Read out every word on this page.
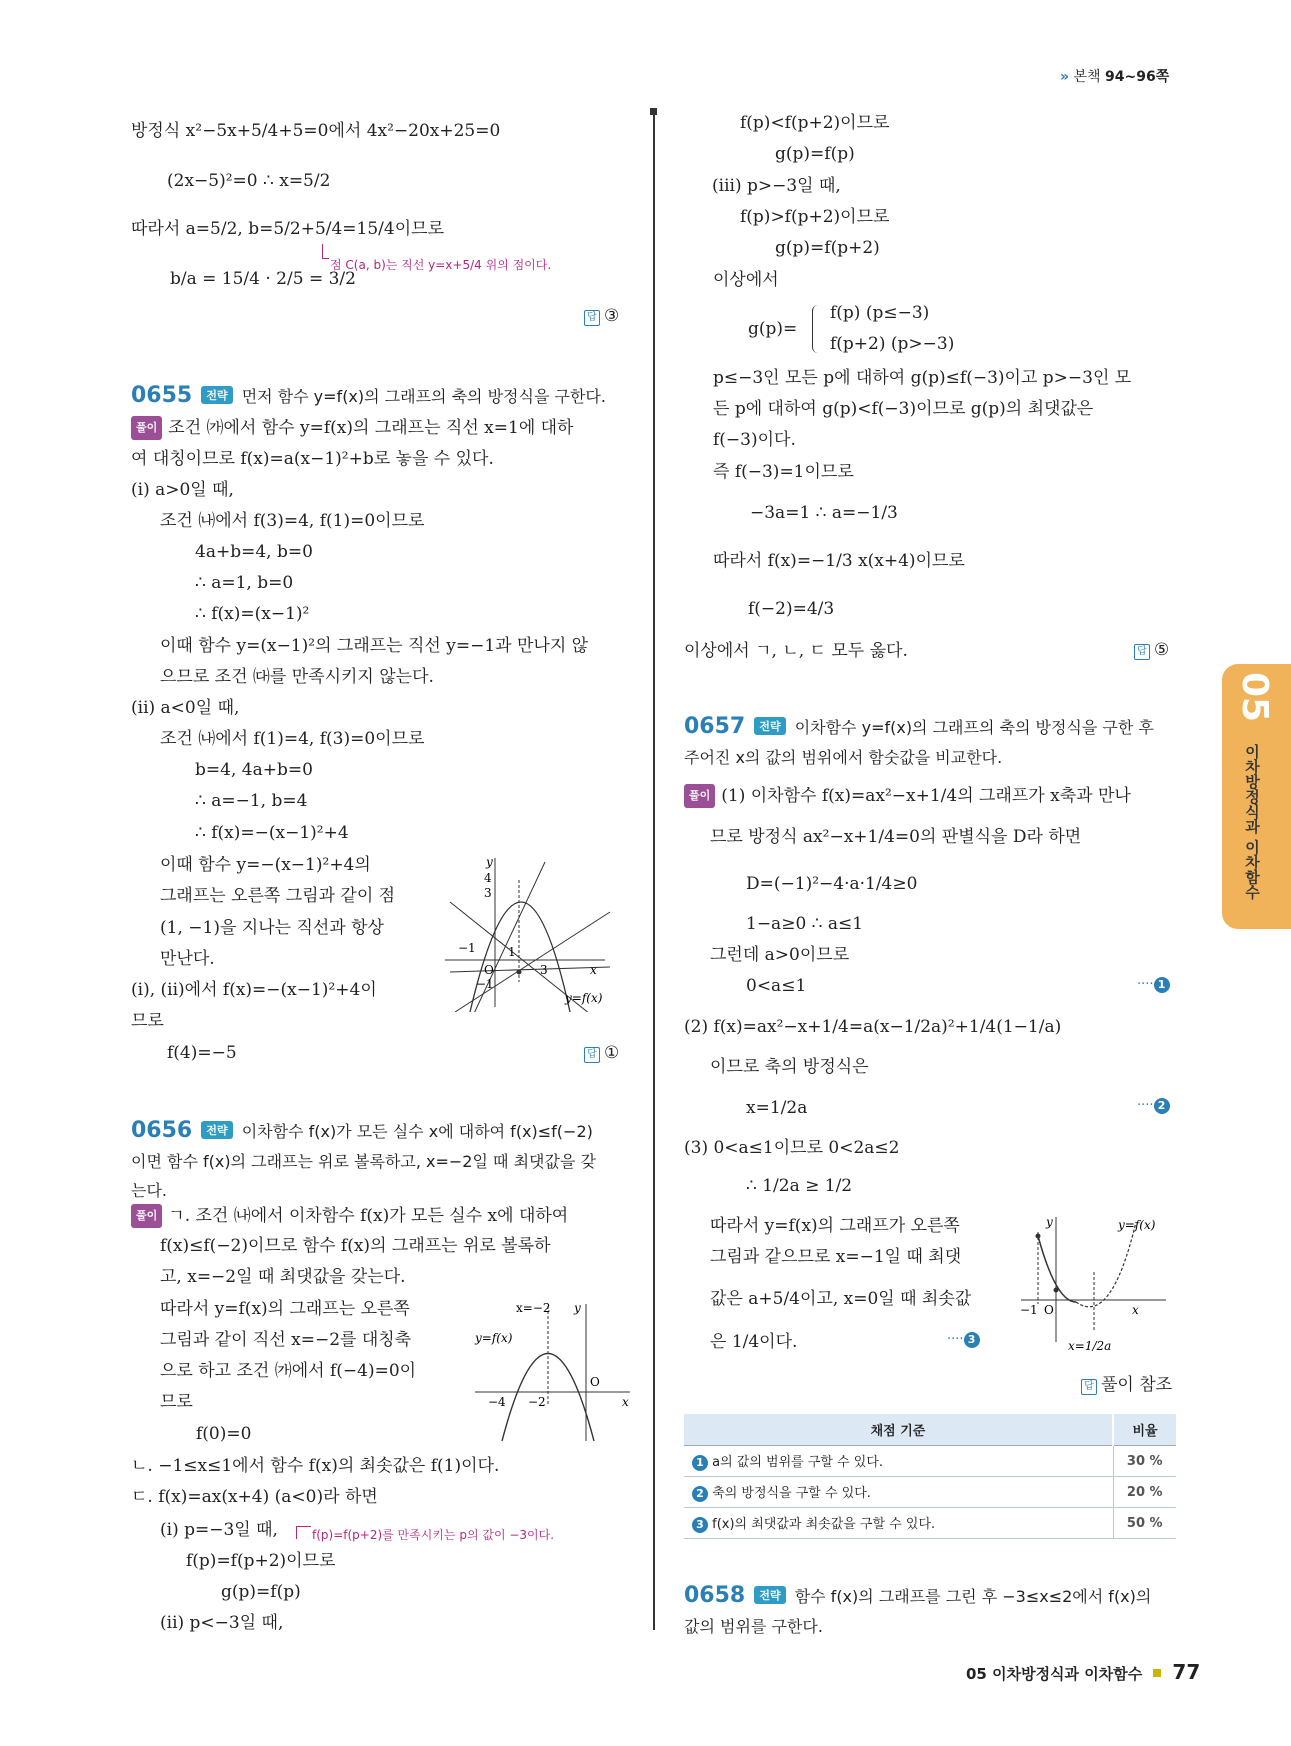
» 본책 94~96쪽
05
이차방정식과 이차함수
방정식 x²−5x+5/4+5=0에서 4x²−20x+25=0
(2x−5)²=0 ∴ x=5/2
따라서 a=5/2, b=5/2+5/4=15/4이므로
점 C(a, b)는 직선 y=x+5/4 위의 점이다.
b/a = 15/4 · 2/5 = 3/2
답 ③
0655 전략 먼저 함수 y=f(x)의 그래프의 축의 방정식을 구한다.
풀이 조건 ㈎에서 함수 y=f(x)의 그래프는 직선 x=1에 대하
여 대칭이므로 f(x)=a(x−1)²+b로 놓을 수 있다.
(i) a>0일 때,
조건 ㈏에서 f(3)=4, f(1)=0이므로
4a+b=4, b=0
∴ a=1, b=0
∴ f(x)=(x−1)²
이때 함수 y=(x−1)²의 그래프는 직선 y=−1과 만나지 않
으므로 조건 ㈐를 만족시키지 않는다.
(ii) a<0일 때,
조건 ㈏에서 f(1)=4, f(3)=0이므로
b=4, 4a+b=0
∴ a=−1, b=4
∴ f(x)=−(x−1)²+4
이때 함수 y=−(x−1)²+4의
그래프는 오른쪽 그림과 같이 점
(1, −1)을 지나는 직선과 항상
만난다.
(i), (ii)에서 f(x)=−(x−1)²+4이
므로
f(4)=−5	답 ①
y
4
3
1
−1
O
−1
3	x
y=f(x)
0656 전략 이차함수 f(x)가 모든 실수 x에 대하여 f(x)≤f(−2)
이면 함수 f(x)의 그래프는 위로 볼록하고, x=−2일 때 최댓값을 갖
는다.
풀이 ㄱ. 조건 ㈏에서 이차함수 f(x)가 모든 실수 x에 대하여
f(x)≤f(−2)이므로 함수 f(x)의 그래프는 위로 볼록하
고, x=−2일 때 최댓값을 갖는다.
따라서 y=f(x)의 그래프는 오른쪽
그림과 같이 직선 x=−2를 대칭축
으로 하고 조건 ㈎에서 f(−4)=0이
므로
f(0)=0
ㄴ. −1≤x≤1에서 함수 f(x)의 최솟값은 f(1)이다.
ㄷ. f(x)=ax(x+4) (a<0)라 하면
(i) p=−3일 때,	f(p)=f(p+2)를 만족시키는 p의 값이 −3이다.
f(p)=f(p+2)이므로
g(p)=f(p)
(ii) p<−3일 때,
x=−2 y
y=f(x)
O
−4 −2	x
f(p)<f(p+2)이므로
g(p)=f(p)
(iii) p>−3일 때,
f(p)>f(p+2)이므로
g(p)=f(p+2)
이상에서
g(p)=
f(p) (p≤−3)
f(p+2) (p>−3)
p≤−3인 모든 p에 대하여 g(p)≤f(−3)이고 p>−3인 모
든 p에 대하여 g(p)<f(−3)이므로 g(p)의 최댓값은
f(−3)이다.
즉 f(−3)=1이므로
−3a=1 ∴ a=−1/3
따라서 f(x)=−1/3 x(x+4)이므로
f(−2)=4/3
이상에서 ㄱ, ㄴ, ㄷ 모두 옳다.	답 ⑤
0657 전략 이차함수 y=f(x)의 그래프의 축의 방정식을 구한 후
주어진 x의 값의 범위에서 함숫값을 비교한다.
풀이 (1) 이차함수 f(x)=ax²−x+1/4의 그래프가 x축과 만나
므로 방정식 ax²−x+1/4=0의 판별식을 D라 하면
D=(−1)²−4·a·1/4≥0
1−a≥0 ∴ a≤1
그런데 a>0이므로
0<a≤1	···· 1
(2) f(x)=ax²−x+1/4=a(x−1/2a)²+1/4(1−1/a)
이므로 축의 방정식은
x=1/2a	···· 2
(3) 0<a≤1이므로 0<2a≤2
∴ 1/2a ≥ 1/2
따라서 y=f(x)의 그래프가 오른쪽
그림과 같으므로 x=−1일 때 최댓
값은 a+5/4이고, x=0일 때 최솟값
은 1/4이다.	···· 3
y	y=f(x)
−1 O	x
x=1/2a
답 풀이 참조
채점 기준	비율
1 a의 값의 범위를 구할 수 있다.	30 %
2 축의 방정식을 구할 수 있다.	20 %
3 f(x)의 최댓값과 최솟값을 구할 수 있다.	50 %
0658 전략 함수 f(x)의 그래프를 그린 후 −3≤x≤2에서 f(x)의
값의 범위를 구한다.
05 이차방정식과 이차함수 77
